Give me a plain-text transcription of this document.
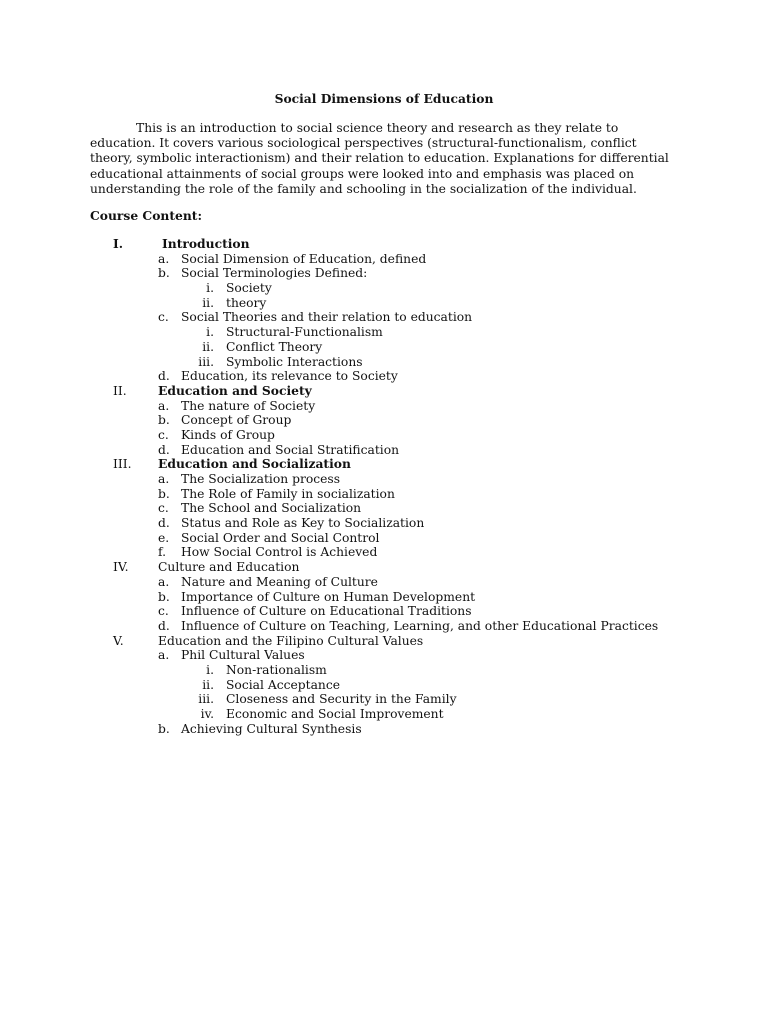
Social Dimensions of Education
This is an introduction to social science theory and research as they relate to education. It covers various sociological perspectives (structural-functionalism, conflict theory, symbolic interactionism) and their relation to education. Explanations for differential educational attainments of social groups were looked into and emphasis was placed on understanding the role of the family and schooling in the socialization of the individual.
Course Content:
I.	Introduction
a. Social Dimension of Education, defined
b. Social Terminologies Defined:
i. Society
ii. theory
c. Social Theories and their relation to education
i. Structural-Functionalism
ii. Conflict Theory
iii. Symbolic Interactions
d. Education, its relevance to Society
II.	Education and Society
a. The nature of Society
b. Concept of Group
c. Kinds of Group
d. Education and Social Stratification
III. Education and Socialization
a. The Socialization process
b. The Role of Family in socialization
c. The School and Socialization
d. Status and Role as Key to Socialization
e. Social Order and Social Control
f. How Social Control is Achieved
IV. Culture and Education
a. Nature and Meaning of Culture
b. Importance of Culture on Human Development
c. Influence of Culture on Educational Traditions
d. Influence of Culture on Teaching, Learning, and other Educational Practices
V.	Education and the Filipino Cultural Values
a. Phil Cultural Values
i. Non-rationalism
ii. Social Acceptance
iii. Closeness and Security in the Family
iv. Economic and Social Improvement
b. Achieving Cultural Synthesis
